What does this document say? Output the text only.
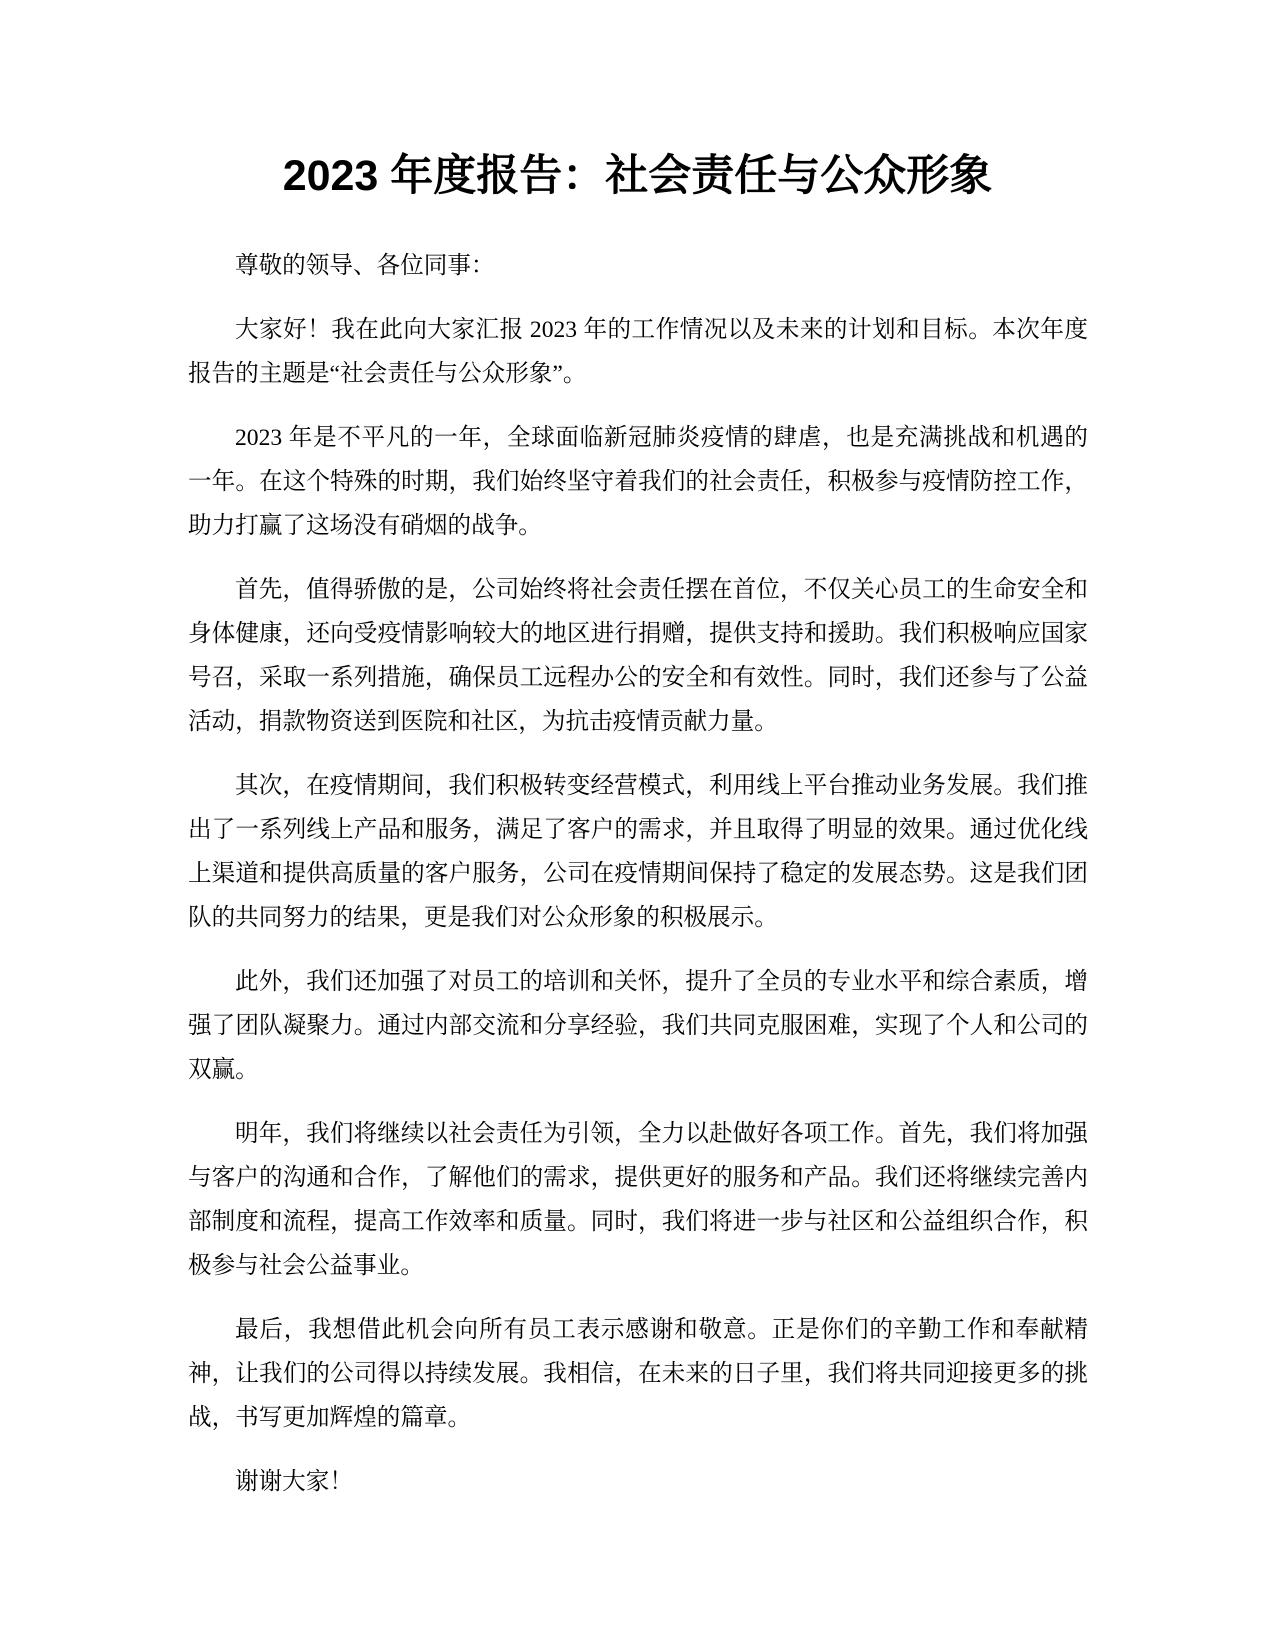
2023 年度报告：社会责任与公众形象

尊敬的领导、各位同事：

大家好！我在此向大家汇报 2023 年的工作情况以及未来的计划和目标。本次年度报告的主题是“社会责任与公众形象”。

2023 年是不平凡的一年，全球面临新冠肺炎疫情的肆虐，也是充满挑战和机遇的一年。在这个特殊的时期，我们始终坚守着我们的社会责任，积极参与疫情防控工作，助力打赢了这场没有硝烟的战争。

首先，值得骄傲的是，公司始终将社会责任摆在首位，不仅关心员工的生命安全和身体健康，还向受疫情影响较大的地区进行捐赠，提供支持和援助。我们积极响应国家号召，采取一系列措施，确保员工远程办公的安全和有效性。同时，我们还参与了公益活动，捐款物资送到医院和社区，为抗击疫情贡献力量。

其次，在疫情期间，我们积极转变经营模式，利用线上平台推动业务发展。我们推出了一系列线上产品和服务，满足了客户的需求，并且取得了明显的效果。通过优化线上渠道和提供高质量的客户服务，公司在疫情期间保持了稳定的发展态势。这是我们团队的共同努力的结果，更是我们对公众形象的积极展示。

此外，我们还加强了对员工的培训和关怀，提升了全员的专业水平和综合素质，增强了团队凝聚力。通过内部交流和分享经验，我们共同克服困难，实现了个人和公司的双赢。

明年，我们将继续以社会责任为引领，全力以赴做好各项工作。首先，我们将加强与客户的沟通和合作，了解他们的需求，提供更好的服务和产品。我们还将继续完善内部制度和流程，提高工作效率和质量。同时，我们将进一步与社区和公益组织合作，积极参与社会公益事业。

最后，我想借此机会向所有员工表示感谢和敬意。正是你们的辛勤工作和奉献精神，让我们的公司得以持续发展。我相信，在未来的日子里，我们将共同迎接更多的挑战，书写更加辉煌的篇章。

谢谢大家！
